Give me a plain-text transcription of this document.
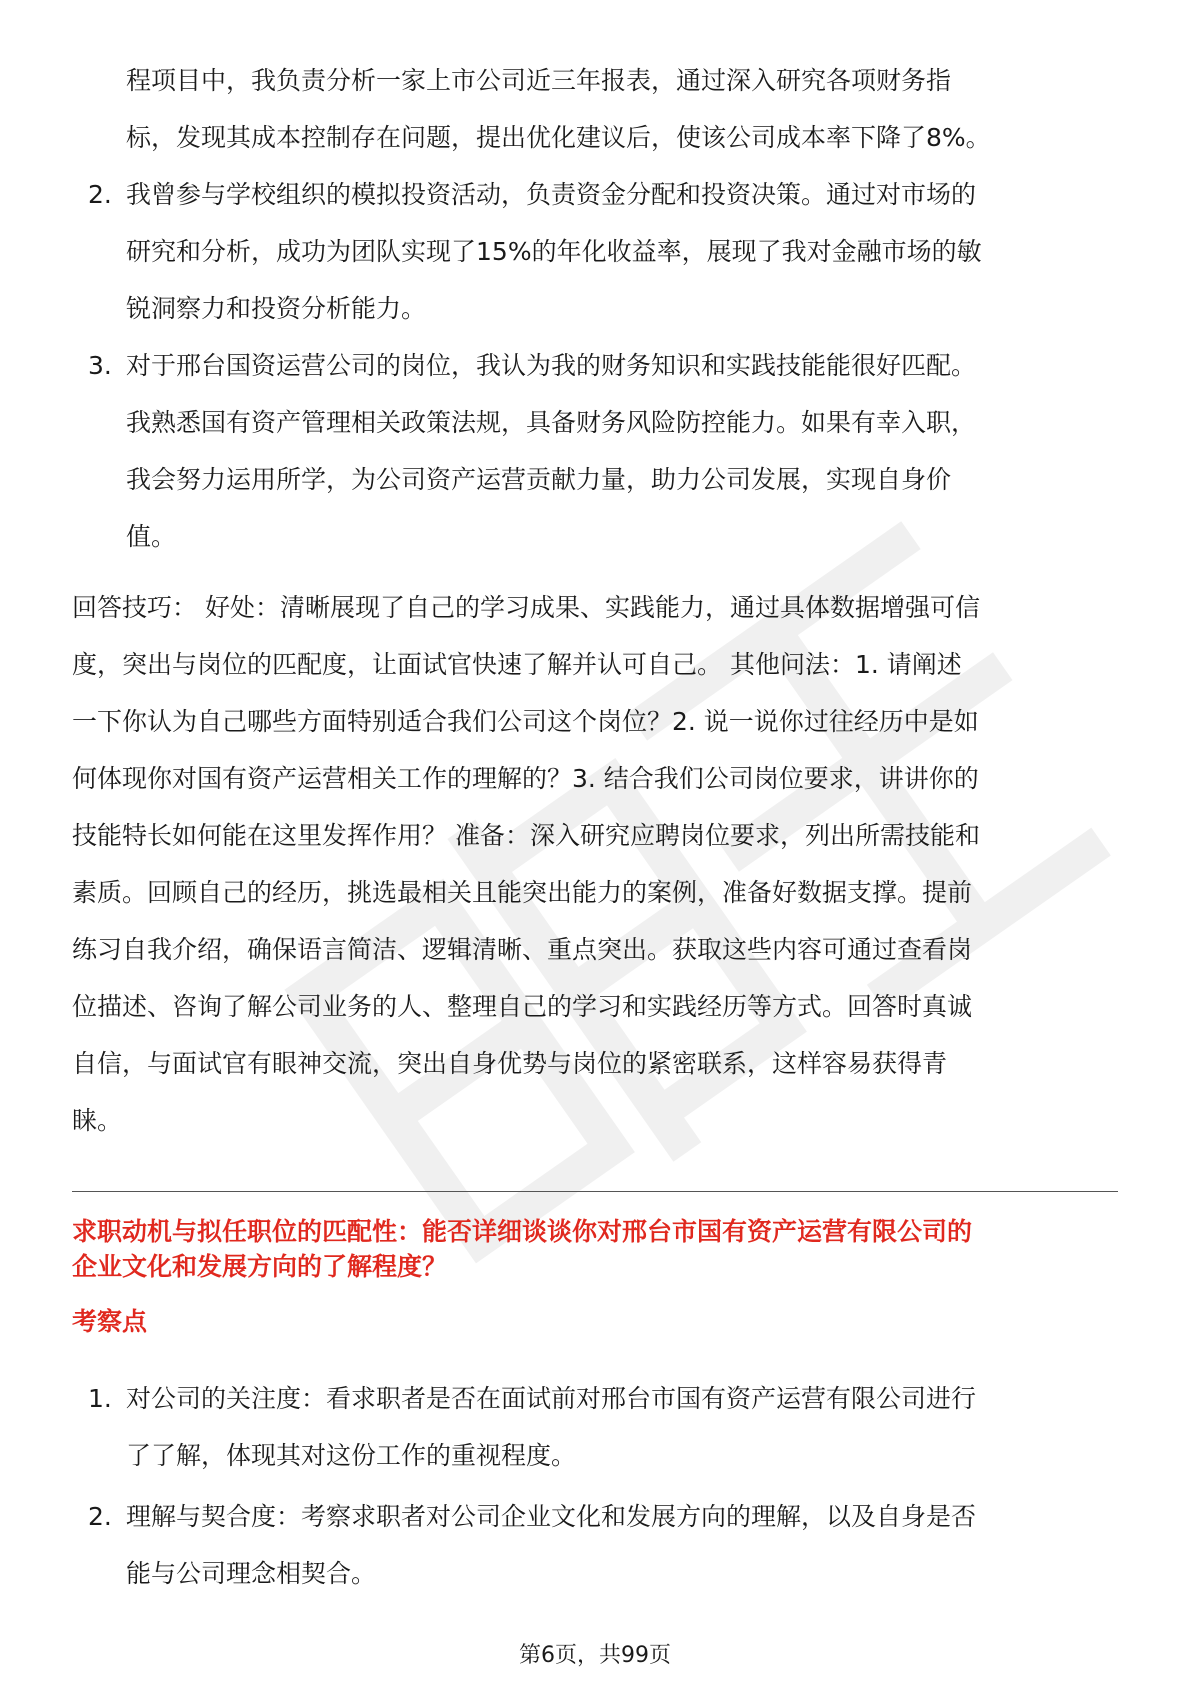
程项目中，我负责分析一家上市公司近三年报表，通过深入研究各项财务指
标，发现其成本控制存在问题，提出优化建议后，使该公司成本率下降了8%。
2. 我曾参与学校组织的模拟投资活动，负责资金分配和投资决策。通过对市场的
研究和分析，成功为团队实现了15%的年化收益率，展现了我对金融市场的敏
锐洞察力和投资分析能力。
3. 对于邢台国资运营公司的岗位，我认为我的财务知识和实践技能能很好匹配。
我熟悉国有资产管理相关政策法规，具备财务风险防控能力。如果有幸入职，
我会努力运用所学，为公司资产运营贡献力量，助力公司发展，实现自身价
值。
回答技巧： 好处：清晰展现了自己的学习成果、实践能力，通过具体数据增强可信
度，突出与岗位的匹配度，让面试官快速了解并认可自己。 其他问法：1. 请阐述
一下你认为自己哪些方面特别适合我们公司这个岗位？2. 说一说你过往经历中是如
何体现你对国有资产运营相关工作的理解的？3. 结合我们公司岗位要求，讲讲你的
技能特长如何能在这里发挥作用？ 准备：深入研究应聘岗位要求，列出所需技能和
素质。回顾自己的经历，挑选最相关且能突出能力的案例，准备好数据支撑。提前
练习自我介绍，确保语言简洁、逻辑清晰、重点突出。获取这些内容可通过查看岗
位描述、咨询了解公司业务的人、整理自己的学习和实践经历等方式。回答时真诚
自信，与面试官有眼神交流，突出自身优势与岗位的紧密联系，这样容易获得青
睐。
求职动机与拟任职位的匹配性：能否详细谈谈你对邢台市国有资产运营有限公司的
企业文化和发展方向的了解程度？
考察点
1. 对公司的关注度：看求职者是否在面试前对邢台市国有资产运营有限公司进行
了了解，体现其对这份工作的重视程度。
2. 理解与契合度：考察求职者对公司企业文化和发展方向的理解，以及自身是否
能与公司理念相契合。
第6页，共99页
